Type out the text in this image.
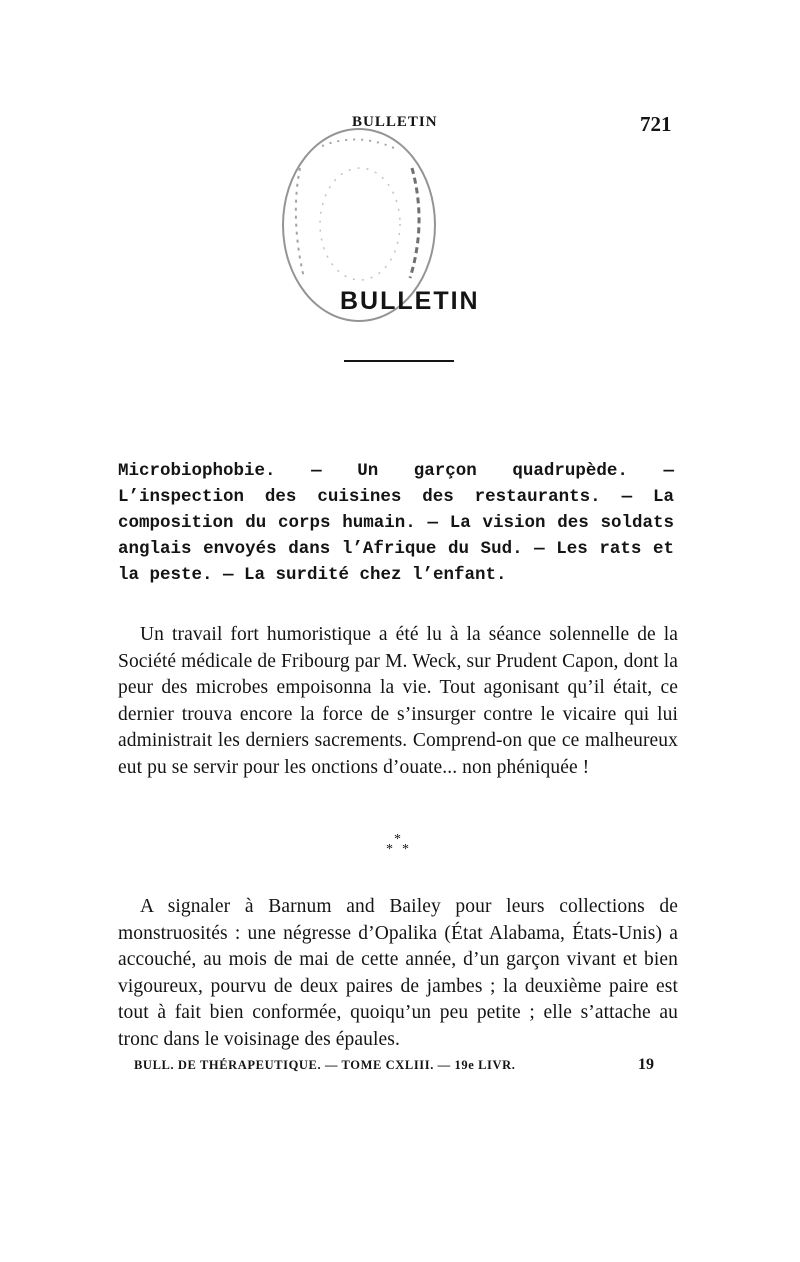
BULLETIN	721
BULLETIN
Microbiophobie. — Un garçon quadrupède. — L’inspection des cuisines des restaurants. — La composition du corps humain. — La vision des soldats anglais envoyés dans l’Afrique du Sud. — Les rats et la peste. — La surdité chez l’enfant.
Un travail fort humoristique a été lu à la séance solennelle de la Société médicale de Fribourg par M. Weck, sur Prudent Capon, dont la peur des microbes empoisonna la vie. Tout agonisant qu’il était, ce dernier trouva encore la force de s’insurger contre le vicaire qui lui administrait les derniers sacrements. Comprend-on que ce malheureux eut pu se servir pour les onctions d’ouate... non phéniquée !
*
* *
A signaler à Barnum and Bailey pour leurs collections de monstruosités : une négresse d’Opalika (État Alabama, États-Unis) a accouché, au mois de mai de cette année, d’un garçon vivant et bien vigoureux, pourvu de deux paires de jambes ; la deuxième paire est tout à fait bien conformée, quoiqu’un peu petite ; elle s’attache au tronc dans le voisinage des épaules.
BULL. DE THÉRAPEUTIQUE. — TOME CXLIII. — 19e LIVR.	19
